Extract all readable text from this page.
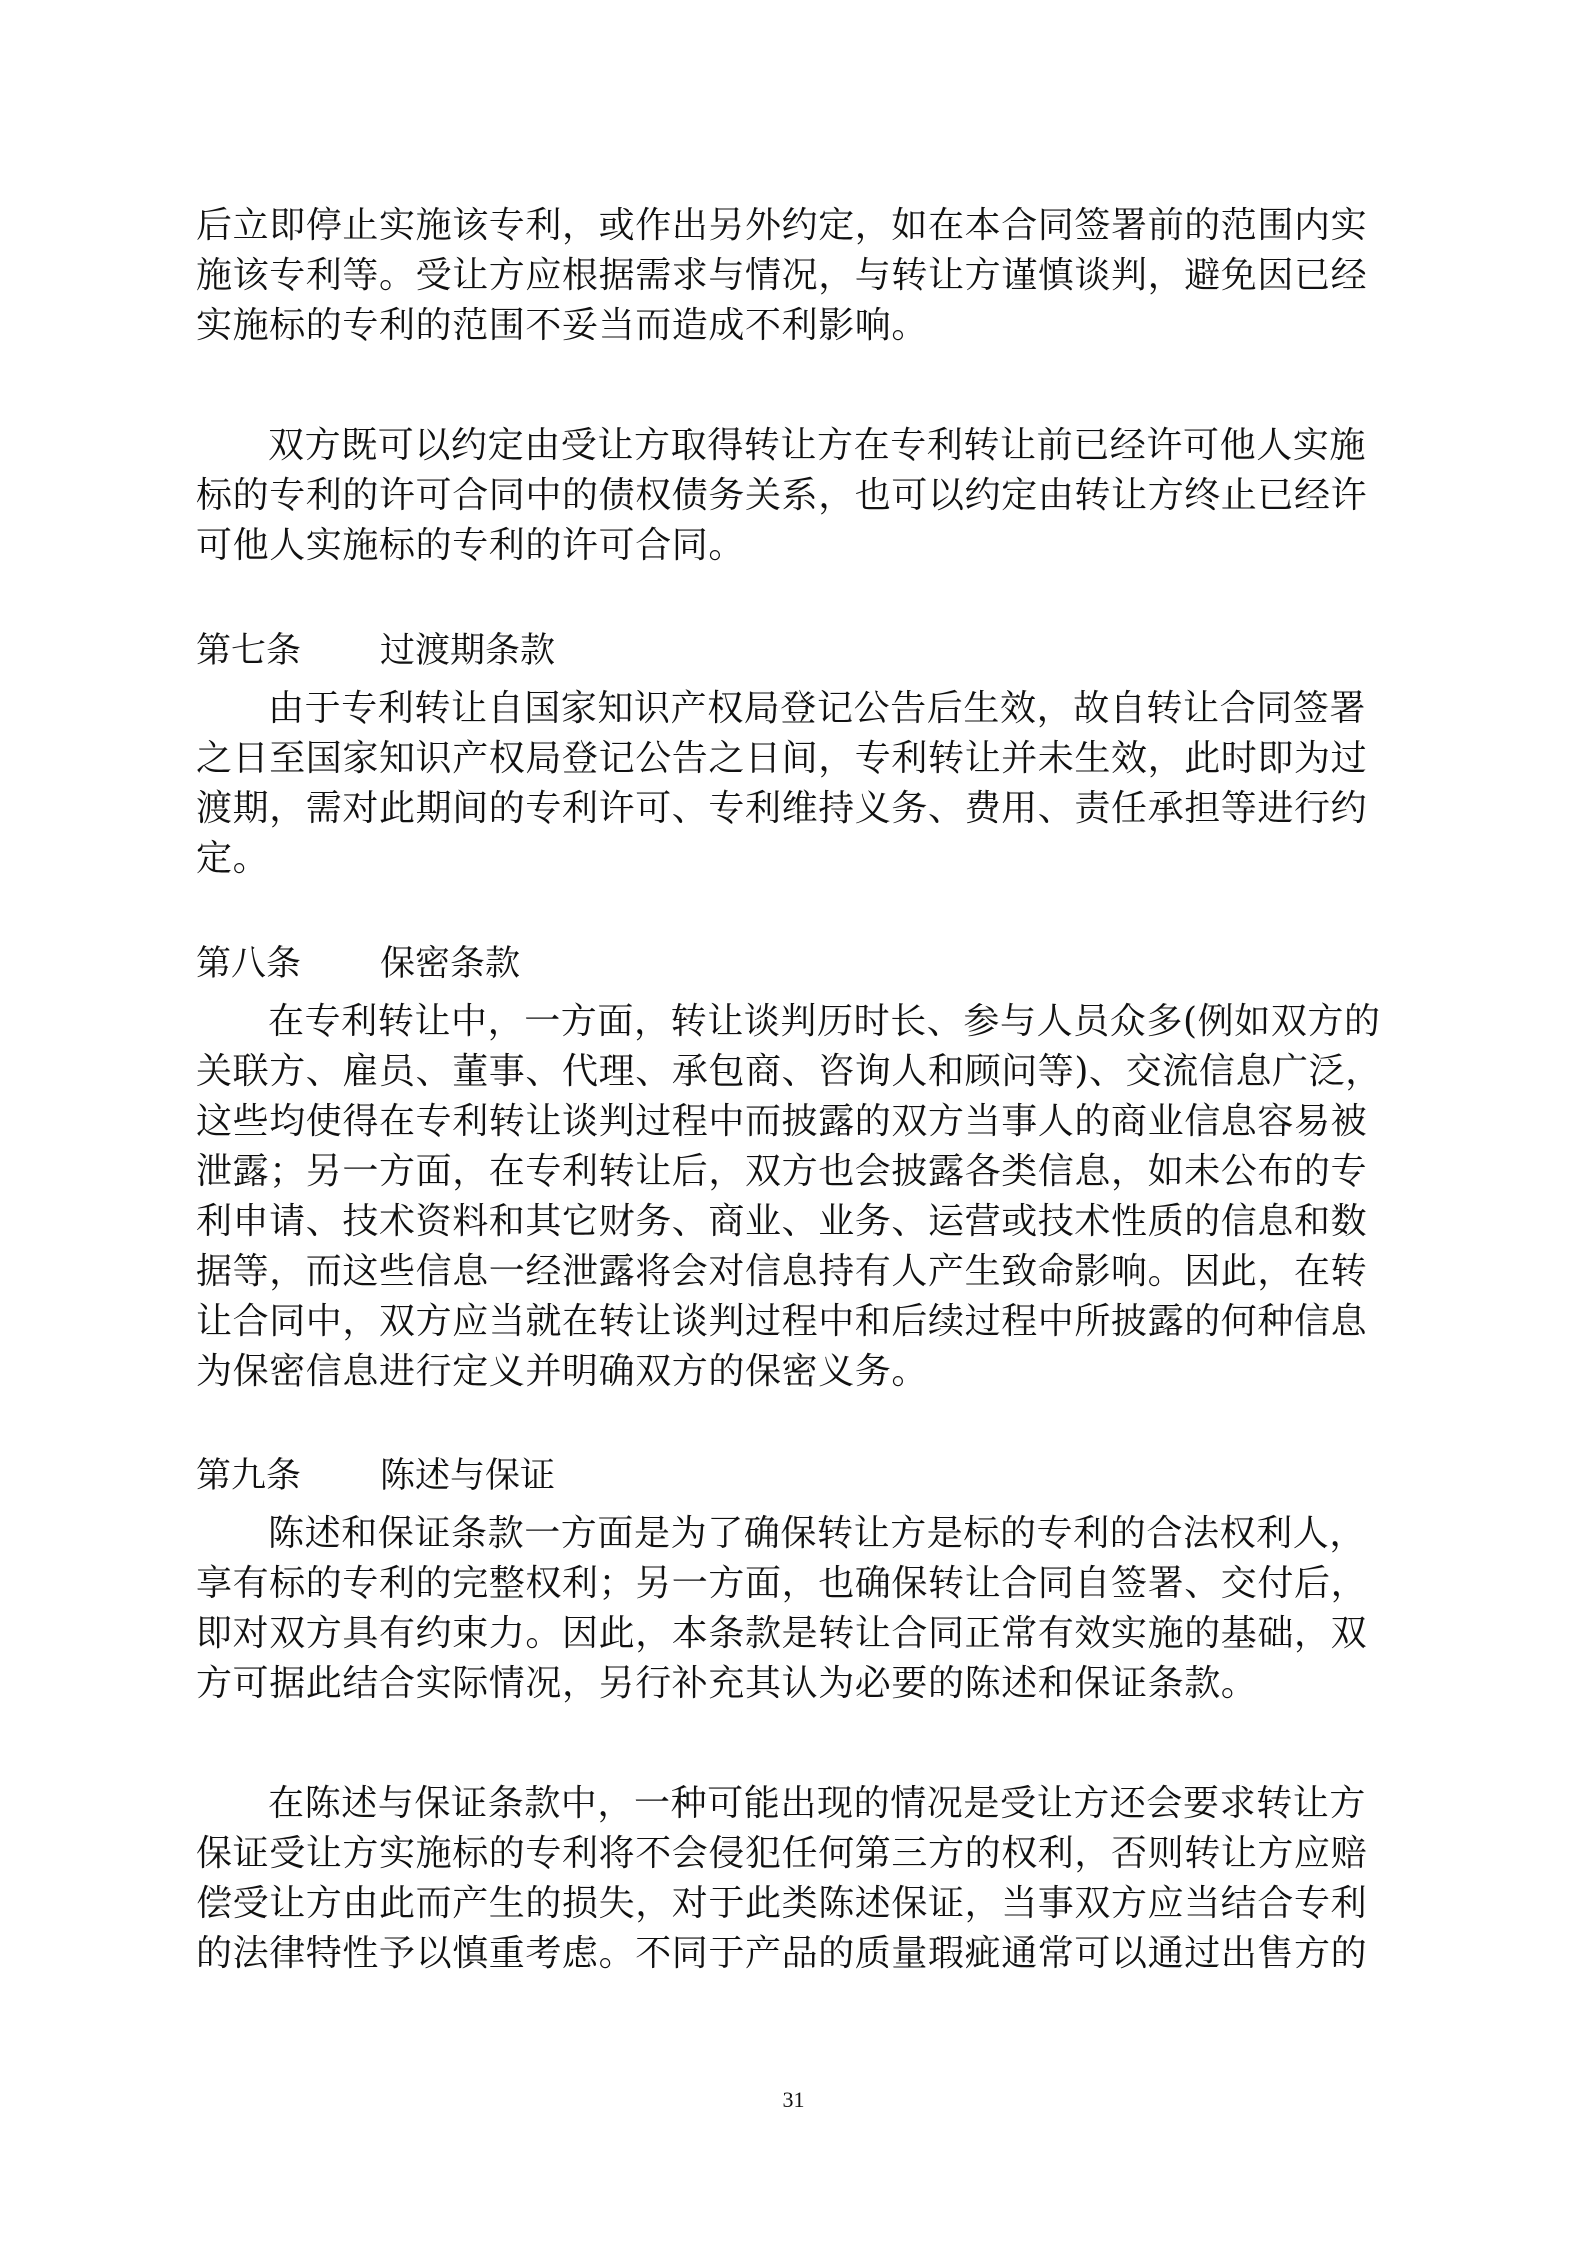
后立即停止实施该专利，或作出另外约定，如在本合同签署前的范围内实
施该专利等。受让方应根据需求与情况，与转让方谨慎谈判，避免因已经
实施标的专利的范围不妥当而造成不利影响。
双方既可以约定由受让方取得转让方在专利转让前已经许可他人实施
标的专利的许可合同中的债权债务关系，也可以约定由转让方终止已经许
可他人实施标的专利的许可合同。
第七条 过渡期条款
由于专利转让自国家知识产权局登记公告后生效，故自转让合同签署
之日至国家知识产权局登记公告之日间，专利转让并未生效，此时即为过
渡期，需对此期间的专利许可、专利维持义务、费用、责任承担等进行约
定。
第八条 保密条款
在专利转让中，一方面，转让谈判历时长、参与人员众多(例如双方的
关联方、雇员、董事、代理、承包商、咨询人和顾问等)、交流信息广泛，
这些均使得在专利转让谈判过程中而披露的双方当事人的商业信息容易被
泄露；另一方面，在专利转让后，双方也会披露各类信息，如未公布的专
利申请、技术资料和其它财务、商业、业务、运营或技术性质的信息和数
据等，而这些信息一经泄露将会对信息持有人产生致命影响。因此，在转
让合同中，双方应当就在转让谈判过程中和后续过程中所披露的何种信息
为保密信息进行定义并明确双方的保密义务。
第九条 陈述与保证
陈述和保证条款一方面是为了确保转让方是标的专利的合法权利人，
享有标的专利的完整权利；另一方面，也确保转让合同自签署、交付后，
即对双方具有约束力。因此，本条款是转让合同正常有效实施的基础，双
方可据此结合实际情况，另行补充其认为必要的陈述和保证条款。
在陈述与保证条款中，一种可能出现的情况是受让方还会要求转让方
保证受让方实施标的专利将不会侵犯任何第三方的权利，否则转让方应赔
偿受让方由此而产生的损失，对于此类陈述保证，当事双方应当结合专利
的法律特性予以慎重考虑。不同于产品的质量瑕疵通常可以通过出售方的
31
